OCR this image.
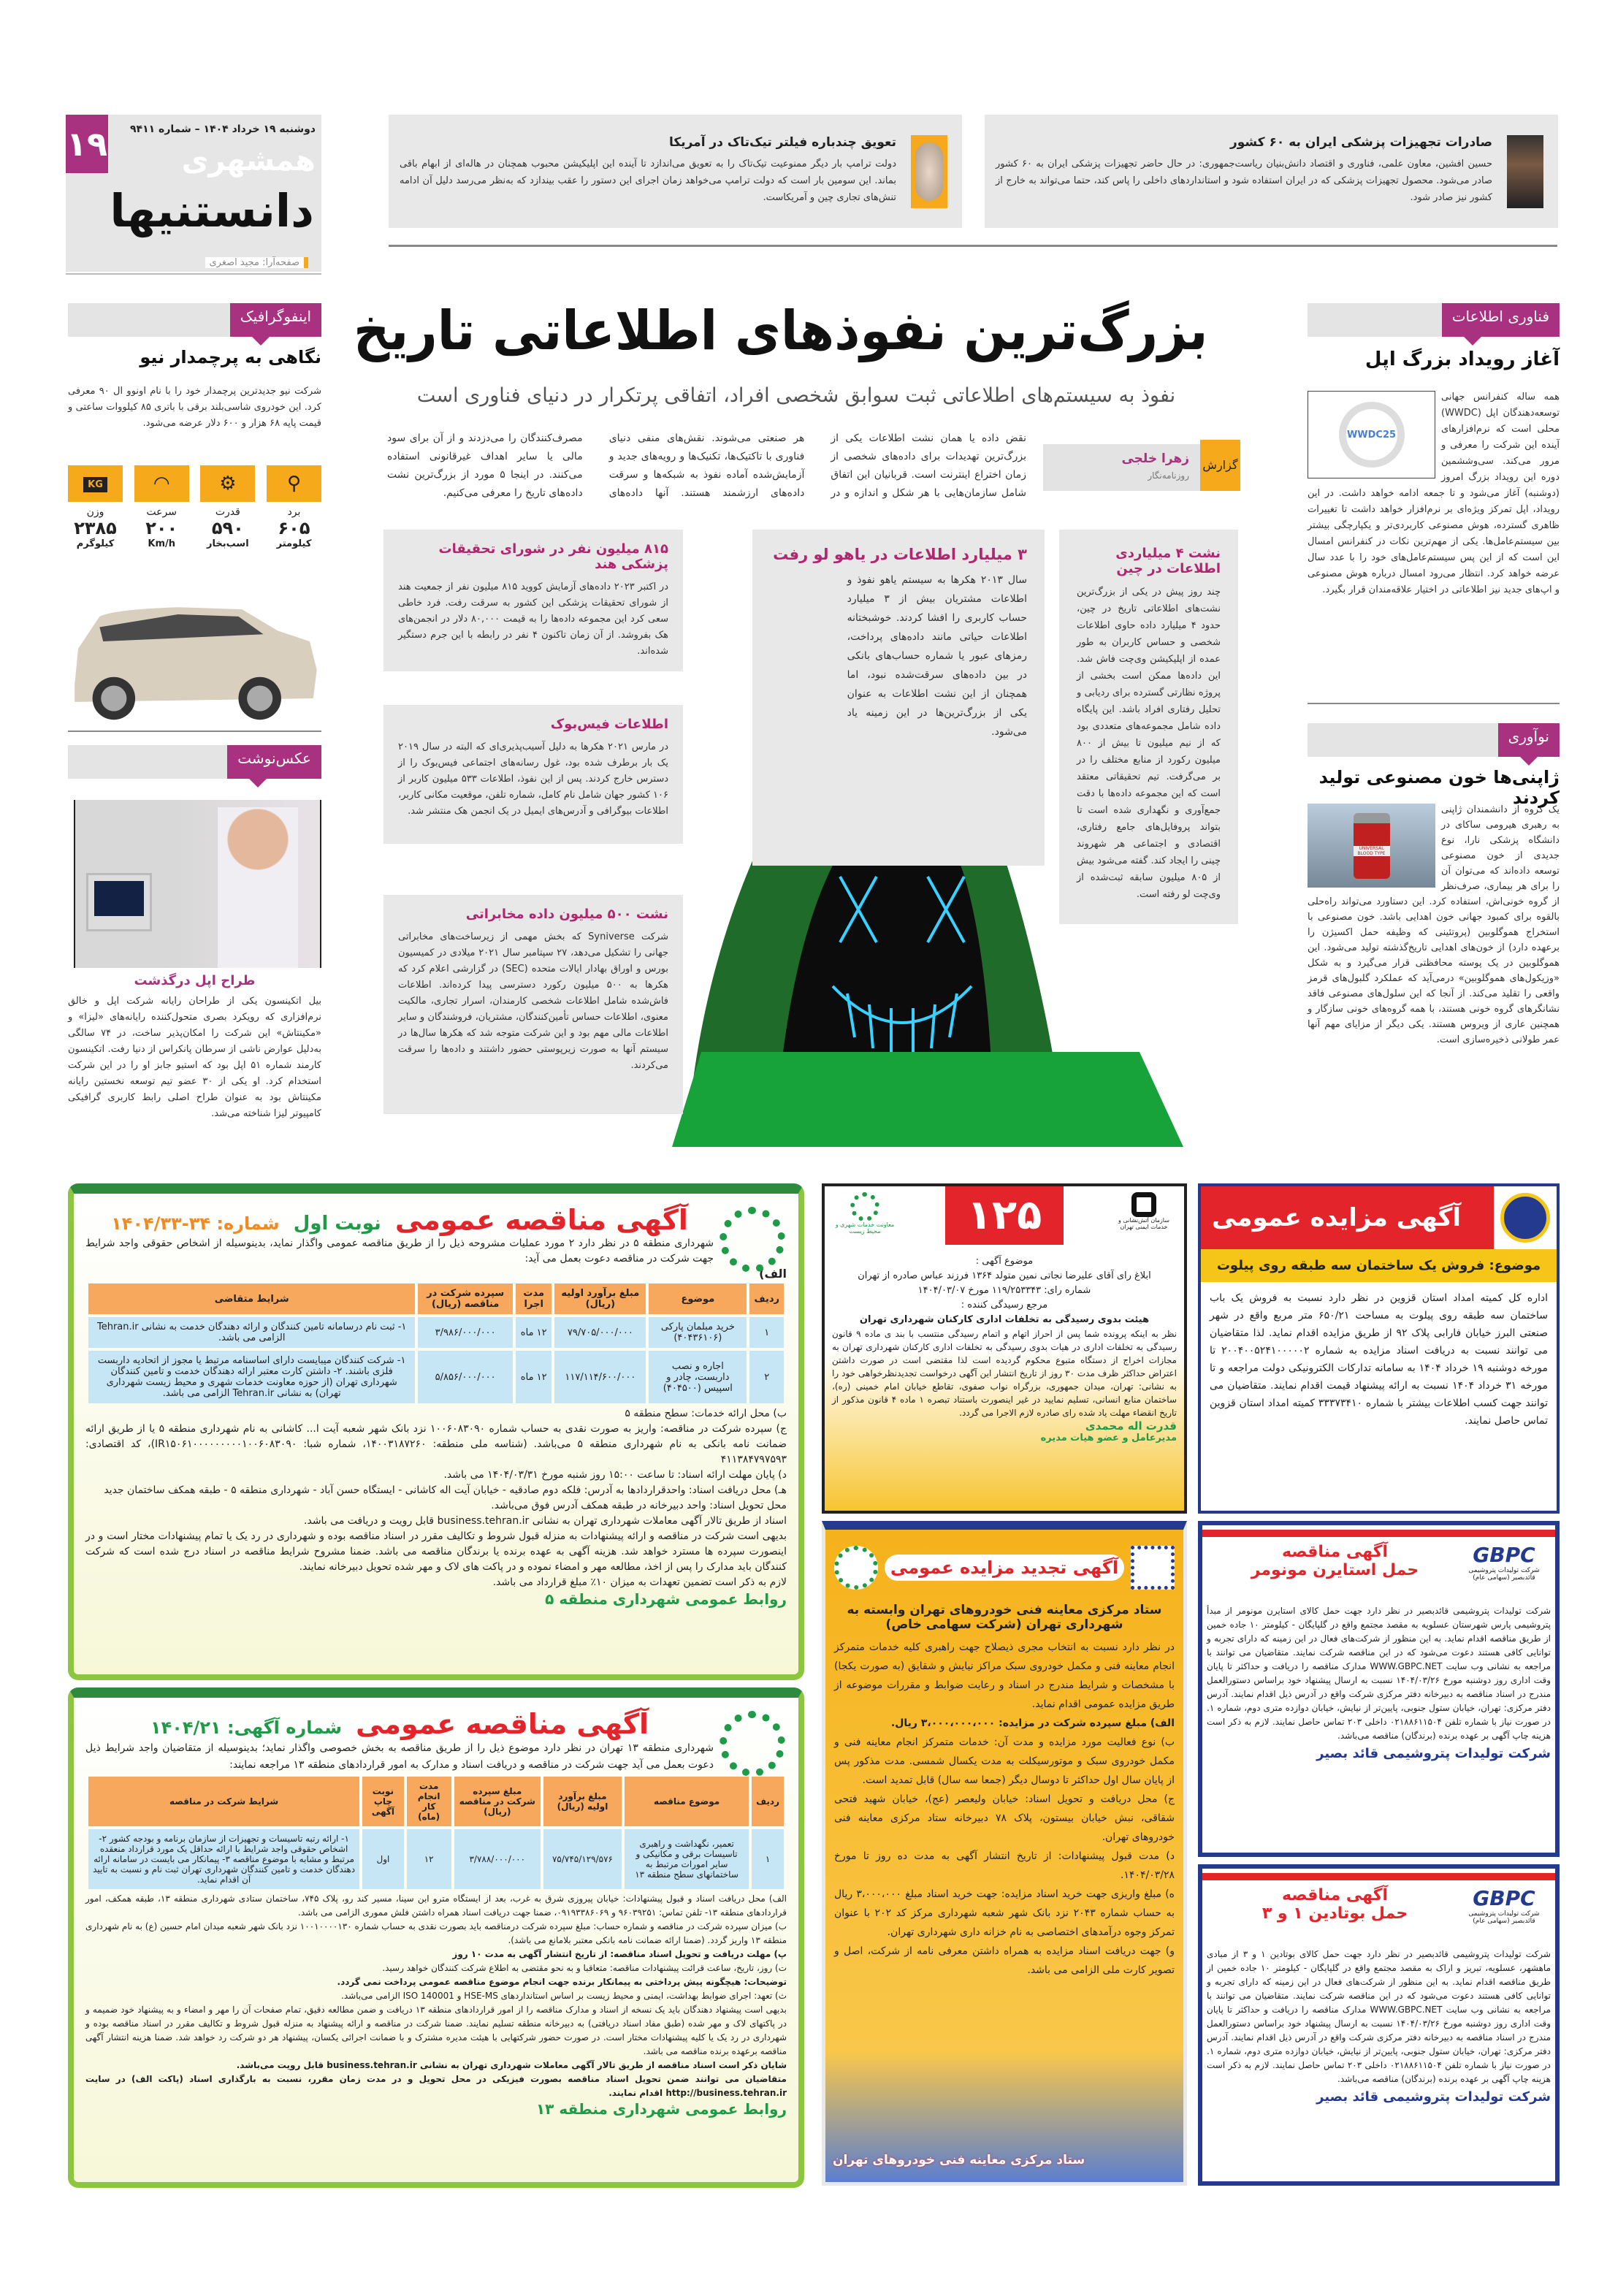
۱۹ دوشنبه ۱۹ خرداد ۱۴۰۴ – شماره ۹۴۱۱
همشهری
دانستنیها
صفحه‌آرا: مجید اصغری
صادرات تجهیزات پزشکی ایران به ۶۰ کشور
حسین افشین، معاون علمی، فناوری و اقتصاد دانش‌بنیان ریاست‌جمهوری: در حال حاضر تجهیزات پزشکی ایران به ۶۰ کشور صادر می‌شود. محصول تجهیزات پزشکی که در ایران استفاده شود و استانداردهای داخلی را پاس کند، حتما می‌تواند به خارج از کشور نیز صادر شود.
تعویق چندباره فیلتر تیک‌تاک در آمریکا
دولت ترامپ بار دیگر ممنوعیت تیک‌تاک را به تعویق می‌اندازد تا آینده این اپلیکیشن محبوب همچنان در هاله‌ای از ابهام باقی بماند. این سومین بار است که دولت ترامپ می‌خواهد زمان اجرای این دستور را عقب بیندازد که به‌نظر می‌رسد دلیل آن ادامه تنش‌های تجاری چین و آمریکاست.
بزرگ‌ترین نفوذهای اطلاعاتی تاریخ
نفوذ به سیستم‌های اطلاعاتی ثبت سوابق شخصی افراد، اتفاقی پرتکرار در دنیای فناوری است
گزارش
زهرا خلجی
روزنامه‌نگار
نقض داده یا همان نشت اطلاعات یکی از بزرگ‌ترین تهدیدات برای داده‌های شخصی از زمان اختراع اینترنت است. قربانیان این اتفاق شامل سازمان‌هایی با هر شکل و اندازه و در هر صنعتی می‌شوند. نقش‌های منفی دنیای فناوری با تاکتیک‌ها، تکنیک‌ها و رویه‌های جدید و آزمایش‌شده آماده نفوذ به شبکه‌ها و سرقت داده‌های ارزشمند هستند. آنها داده‌های مصرف‌کنندگان را می‌دزدند و از آن برای سود مالی یا سایر اهداف غیرقانونی استفاده می‌کنند. در اینجا ۵ مورد از بزرگ‌ترین نشت داده‌های تاریخ را معرفی می‌کنیم.
نشت ۴ میلیاردی اطلاعات در چین

چند روز پیش در یکی از بزرگ‌ترین نشت‌های اطلاعاتی تاریخ در چین، حدود ۴ میلیارد داده حاوی اطلاعات شخصی و حساس کاربران به طور عمده از اپلیکیشن وی‌چت فاش شد. این داده‌ها ممکن است بخشی از پروژه نظارتی گسترده برای ردیابی و تحلیل رفتاری افراد باشد. این پایگاه داده شامل مجموعه‌های متعددی بود که از نیم میلیون تا بیش از ۸۰۰ میلیون رکورد از منابع مختلف را در بر می‌گرفت. تیم تحقیقاتی معتقد است که این مجموعه داده‌ها با دقت جمع‌آوری و نگهداری شده است تا بتواند پروفایل‌های جامع رفتاری، اقتصادی و اجتماعی هر شهروند چینی را ایجاد کند. گفته می‌شود بیش از ۸۰۵ میلیون سابقه ثبت‌شده از وی‌چت لو رفته است.

۳ میلیارد اطلاعات در یاهو لو رفت

سال ۲۰۱۳ هکرها به سیستم یاهو نفوذ و اطلاعات مشتریان بیش از ۳ میلیارد حساب کاربری را افشا کردند. خوشبختانه اطلاعات حیاتی مانند داده‌های پرداخت، رمزهای عبور یا شماره حساب‌های بانکی در بین داده‌های سرقت‌شده نبود، اما همچنان از این نشت اطلاعات به عنوان یکی از بزرگ‌ترین‌ها در این زمینه یاد می‌شود.

۸۱۵ میلیون نفر در شورای تحقیقات پزشکی هند

در اکتبر ۲۰۲۳ داده‌های آزمایش کووید ۸۱۵ میلیون نفر از جمعیت هند از شورای تحقیقات پزشکی این کشور به سرقت رفت. فرد خاطی سعی کرد این مجموعه داده‌ها را به قیمت ۸۰,۰۰۰ دلار در انجمن‌های هک بفروشد. از آن زمان تاکنون ۴ نفر در رابطه با این جرم دستگیر شده‌اند.

اطلاعات فیس‌بوک

در مارس ۲۰۲۱ هکرها به دلیل آسیب‌پذیری‌ای که البته در سال ۲۰۱۹ یک بار برطرف شده بود، غول رسانه‌های اجتماعی فیس‌بوک را از دسترس خارج کردند. پس از این نفوذ، اطلاعات ۵۳۳ میلیون کاربر از ۱۰۶ کشور جهان شامل نام کامل، شماره تلفن، موقعیت مکانی کاربر، اطلاعات بیوگرافی و آدرس‌های ایمیل در یک انجمن هک منتشر شد.

نشت ۵۰۰ میلیون داده مخابراتی

شرکت Syniverse که بخش مهمی از زیرساخت‌های مخابراتی جهانی را تشکیل می‌دهد، ۲۷ سپتامبر سال ۲۰۲۱ میلادی در کمیسیون بورس و اوراق بهادار ایالات متحده (SEC) در گزارشی اعلام کرد که هکرها به ۵۰۰ میلیون رکورد دسترسی پیدا کرده‌اند. اطلاعات فاش‌شده شامل اطلاعات شخصی کارمندان، اسرار تجاری، مالکیت معنوی، اطلاعات حساس تأمین‌کنندگان، مشتریان، فروشندگان و سایر اطلاعات مالی مهم بود و این شرکت متوجه شد که هکرها سال‌ها در سیستم آنها به صورت زیرپوستی حضور داشتند و داده‌ها را سرقت می‌کردند.

فناوری اطلاعات
آغاز رویداد بزرگ اپل
WWDC25

همه ساله کنفرانس جهانی توسعه‌دهندگان اپل (WWDC) محلی است که نرم‌افزارهای آینده این شرکت را معرفی و مرور می‌کند. سی‌وششمین دوره این رویداد بزرگ امروز (دوشنبه) آغاز می‌شود و تا جمعه ادامه خواهد داشت. در این رویداد، اپل تمرکز ویژه‌ای بر نرم‌افزار خواهد داشت تا تغییرات ظاهری گسترده، هوش مصنوعی کاربردی‌تر و یکپارچگی بیشتر بین سیستم‌عامل‌ها. یکی از مهم‌ترین نکات در کنفرانس امسال این است که از این پس سیستم‌عامل‌های خود را با عدد سال عرضه خواهد کرد. انتظار می‌رود امسال درباره هوش مصنوعی و اپ‌های جدید نیز اطلاعاتی در اختیار علاقه‌مندان قرار بگیرد.

نوآوری
ژاپنی‌ها خون مصنوعی تولید کردند
UNIVERSAL BLOOD TYPE

یک گروه از دانشمندان ژاپنی به رهبری هیرومی ساکای در دانشگاه پزشکی نارا، نوع جدیدی از خون مصنوعی توسعه داده‌اند که می‌توان آن را برای هر بیماری، صرف‌نظر از گروه خونی‌اش، استفاده کرد. این دستاورد می‌تواند راه‌حلی بالقوه برای کمبود جهانی خون اهدایی باشد. خون مصنوعی با استخراج هموگلوبین (پروتئینی که وظیفه حمل اکسیژن را برعهده دارد) از خون‌های اهدایی تاریخ‌گذشته تولید می‌شود. این هموگلوبین در یک پوسته محافظتی قرار می‌گیرد و به شکل «وزیکول‌های هموگلوبین» درمی‌آید که عملکرد گلبول‌های قرمز واقعی را تقلید می‌کند. از آنجا که این سلول‌های مصنوعی فاقد نشانگرهای گروه خونی هستند، با همه گروه‌های خونی سازگار و همچنین عاری از ویروس هستند. یکی دیگر از مزایای مهم آنها عمر طولانی ذخیره‌سازی است.

اینفوگرافیک
نگاهی به پرچمدار نیو

شرکت نیو جدیدترین پرچمدار خود را با نام اونوو ال ۹۰ معرفی کرد. این خودروی شاسی‌بلند برقی با باتری ۸۵ کیلووات ساعتی و قیمت پایه ۶۸ هزار و ۶۰۰ دلار عرضه می‌شود.

⚲
برد
۶۰۵
کیلومتر
⚙
قدرت
۵۹۰
اسب‌بخار
◠
سرعت
۲۰۰
Km/h
KG
وزن
۲۳۸۵
کیلوگرم
عکس‌نوشت
طراح اپل درگذشت

بیل اتکینسون یکی از طراحان رایانه شرکت اپل و خالق نرم‌افزاری که رویکرد بصری متحول‌کننده رایانه‌های «لیزا» و «مکینتاش» این شرکت را امکان‌پذیر ساخت، در ۷۴ سالگی به‌دلیل عوارض ناشی از سرطان پانکراس از دنیا رفت. اتکینسون کارمند شماره ۵۱ اپل بود که استیو جابز او را در این شرکت استخدام کرد. او یکی از ۳۰ عضو تیم توسعه نخستین رایانه مکینتاش بود به عنوان طراح اصلی رابط کاربری گرافیکی کامپیوتر لیزا شناخته می‌شد.

آگهی مناقصه عمومی نوبت اول شماره: ۳۴-۱۴۰۴/۳۳

شهرداری منطقه ۵ در نظر دارد ۲ مورد عملیات مشروحه ذیل را از طریق مناقصه عمومی واگذار نماید، بدینوسیله از اشخاص حقوقی واجد شرایط جهت شرکت در مناقصه دعوت بعمل می آید:

الف)
ردیف	موضوع	مبلغ برآورد اولیه (ریال)	مدت اجرا	سپرده شرکت در مناقصه (ریال)	شرایط متقاضی
۱	خرید مبلمان پارکی (۴۰۴۳۶۱۰۶)	۷۹/۷۰۵/۰۰۰/۰۰۰	۱۲ ماه	۳/۹۸۶/۰۰۰/۰۰۰	۱- ثبت نام درسامانه تامین کنندگان و ارائه دهندگان خدمت به نشانی Tehran.ir الزامی می باشد.
۲	اجاره و نصب داربست، چادر و اسپیس (۴۰۴۵۰۰)	۱۱۷/۱۱۴/۶۰۰/۰۰۰	۱۲ ماه	۵/۸۵۶/۰۰۰/۰۰۰	۱- شرکت کنندگان میبایست دارای اساسنامه مرتبط یا مجوز از اتحادیه داربست فلزی باشند. ۲- داشتن کارت معتبر ارائه دهندگان خدمت و تامین کنندگان شهرداری تهران (از حوزه معاونت خدمات شهری و محیط زیست شهرداری تهران) به نشانی Tehran.ir الزامی می باشد.

ب) محل ارائه خدمات: سطح منطقه ۵

ج) سپرده شرکت در مناقصه: واریز به صورت نقدی به حساب شماره ۱۰۰۶۰۸۳۰۹۰ نزد بانک شهر شعبه آیت ا... کاشانی به نام شهرداری منطقه ۵ یا از طریق ارائه ضمانت نامه بانکی به نام شهرداری منطقه ۵ می‌باشد. (شناسه ملی منطقه: ۱۴۰۰۳۱۸۷۲۶۰، شماره شبا: IR۱۵۰۶۱۰۰۰۰۰۰۰۰۰۱۰۰۶۰۸۳۰۹۰)، کد اقتصادی: ۴۱۱۳۸۴۷۹۷۵۹۳

د) پایان مهلت ارائه اسناد: تا ساعت ۱۵:۰۰ روز شنبه مورخ ۱۴۰۴/۰۳/۳۱ می باشد.

هـ) محل دریافت اسناد: واحدقراردادها به آدرس: فلکه دوم صادقیه - خیابان آیت اله کاشانی - ایستگاه حسن آباد - شهرداری منطقه ۵ - طبقه همکف ساختمان جدید

محل تحویل اسناد: واحد دبیرخانه در طبقه همکف آدرس فوق می‌باشد.

اسناد از طریق تالار آگهی معاملات شهرداری تهران به نشانی business.tehran.ir قابل رویت و دریافت می باشد.

بدیهی است شرکت در مناقصه و ارائه پیشنهادات به منزله قبول شروط و تکالیف مقرر در اسناد مناقصه بوده و شهرداری در رد یک یا تمام پیشنهادات مختار است و در اینصورت سپرده ها مسترد خواهد شد. هزینه آگهی به عهده برنده یا برندگان مناقصه می باشد. ضمنا مشروح شرایط مناقصه در اسناد درج شده است که شرکت کنندگان باید مدارک را پس از اخذ، مطالعه مهر و امضاء نموده و در پاکت های لاک و مهر شده تحویل دبیرخانه نمایند.

لازم به ذکر است تضمین تعهدات به میزان ۱۰٪ مبلغ قرارداد می باشد.

روابط عمومی شهرداری منطقه ۵
آگهی مناقصه عمومی شماره آگهی: ۱۴۰۴/۲۱

شهرداری منطقه ۱۳ تهران در نظر دارد موضوع ذیل را از طریق مناقصه به بخش خصوصی واگذار نماید؛ بدینوسیله از متقاضیان واجد شرایط ذیل دعوت بعمل می آید جهت شرکت در مناقصه و دریافت اسناد و مدارک به امور قراردادهای منطقه ۱۳ مراجعه نمایند:

ردیف	موضوع مناقصه	مبلغ برآورد اولیه (ریال)	مبلغ سپرده شرکت در مناقصه (ریال)	مدت انجام کار (ماه)	نوبت چاپ آگهی	شرایط شرکت در مناقصه
۱	تعمیر، نگهداشت و راهبری تاسیسات برقی و مکانیکی و سایر امورات مرتبط به ساختمانهای سطح منطقه ۱۳	۷۵/۷۴۵/۱۲۹/۵۷۶	۳/۷۸۸/۰۰۰/۰۰۰	۱۲	اول	۱- ارائه رتبه تاسیسات و تجهیزات از سازمان برنامه و بودجه کشور ۲- اشخاص حقوقی واجد شرایط با ارائه حداقل یک مورد قرارداد منعقده مرتبط و مشابه با موضوع مناقصه ۳- پیمانکار می بایست در سامانه ارائه دهندگان خدمت و تامین کنندگان شهرداری تهران ثبت نام و نسبت به تایید آن اقدام نماید.

الف) محل دریافت اسناد و قبول پیشنهادات: خیابان پیروزی شرق به غرب، بعد از ایستگاه مترو ابن سینا، مسیر کند رو، پلاک ۷۴۵، ساختمان ستادی شهرداری منطقه ۱۳، طبقه همکف، امور قراردادهای منطقه ۱۳- تلفن تماس: ۹۶۰۳۹۲۵۱ و ۰۹۱۹۳۳۸۶۰۶۹، ضمنا جهت دریافت اسناد همراه داشتن فلش مموری الزامی می باشد.

ب) میزان سپرده شرکت در مناقصه و شماره حساب: مبلغ سپرده شرکت درمناقصه باید بصورت نقدی به حساب شماره ۱۰۰۱۰۰۰۰۱۳۰ نزد بانک شهر شعبه میدان امام حسین (ع) به نام شهرداری منطقه ۱۳ واریز گردد. (ضمنا ارائه ضمانت نامه بانکی معتبر بلامانع می باشد).

پ) مهلت دریافت و تحویل اسناد مناقصه: از تاریخ انتشار آگهی به مدت ۱۰ روز

ت) روز، تاریخ، ساعت قرائت پیشنهادات مناقصه: متعاقبا و به نحو مقتضی به اطلاع شرکت کنندگان خواهد رسید.

توضیحات: هیچگونه پیش پرداختی به پیمانکار برنده جهت انجام موضوع مناقصه عمومی پرداخت نمی گردد.

ث) تعهد: اجرای ضوابط بهداشت، ایمنی و محیط زیست بر اساس استانداردهای HSE-MS و ISO 140001 الزامی می‌باشد.

بدیهی است پیشنهاد دهندگان باید یک نسخه از اسناد و مدارک مناقصه را از امور قراردادهای منطقه ۱۳ دریافت و ضمن مطالعه دقیق، تمام صفحات آن را مهر و امضاء و به پیشنهاد خود ضمیمه و در پاکتهای لاک و مهر شده (طبق مفاد اسناد دریافتی) به دبیرخانه منطقه تسلیم نمایند. ضمنا شرکت در مناقصه و ارائه پیشنهاد به منزله قبول شروط و تکالیف مقرر در اسناد مناقصه بوده و شهرداری در رد یک یا کلیه پیشنهادات مختار است. در صورت حضور شرکتهایی با هیئت مدیره مشترک و با ضمانت اجرائی یکسان، پیشنهاد هر دو شرکت رد خواهد شد. ضمنا هزینه انتشار آگهی مناقصه برعهده برنده مناقصه می باشد.

شایان ذکر است اسناد مناقصه از طریق تالار آگهی معاملات شهرداری تهران به نشانی business.tehran.ir قابل رویت می‌باشد.

متقاضیان می توانند ضمن تحویل اسناد مناقصه بصورت فیزیکی در محل تحویل و در مدت زمان مقرر، نسبت به بارگذاری اسناد (پاکت الف) در سایت http://business.tehran.ir اقدام نمایند.

روابط عمومی شهرداری منطقه ۱۳
معاونت خدمات شهری و محیط زیست	۱۲۵	سازمان آتش‌نشانی و خدمات ایمنی تهران
موضوع آگهی :
ابلاغ رای آقای علیرضا نجاتی نمین متولد ۱۳۶۴ فرزند عباس صادره از تهران
شماره رای: ۱۱۹/۲۵۳۳۴۳ مورخ ۱۴۰۴/۰۳/۰۷
مرجع رسیدگی کننده :
هیئت بدوی رسیدگی به تخلفات اداری کارکنان شهرداری تهران

نظر به اینکه پرونده شما پس از احراز اتهام و اتمام رسیدگی منتسب با بند ی ماده ۹ قانون رسیدگی به تخلفات اداری در هیات بدوی رسیدگی به تخلفات اداری کارکنان شهرداری تهران به مجازات اخراج از دستگاه متبوع محکوم گردیده است لذا مقتضی است در صورت داشتن اعتراض حداکثر ظرف مدت ۳۰ روز از تاریخ انتشار این آگهی درخواست تجدیدنظرخواهی خود را به نشانی: تهران، میدان جمهوری، بزرگراه نواب صفوی، تقاطع خیابان امام خمینی (ره)، ساختمان منابع انسانی، تسلیم نمایید در غیر اینصورت باستناد تبصره ۱ ماده ۴ قانون مذکور از تاریخ انقضاء مهلت یاد شده رای صادره لازم الاجرا می گردد.

قدرت اله محمدی
مدیرعامل و عضو هیات مدیره
آگهی مزایده عمومی
موضوع: فروش یک ساختمان سه طبقه روی پیلوت

اداره کل کمیته امداد استان قزوین در نظر دارد نسبت به فروش یک باب ساختمان سه طبقه روی پیلوت به مساحت ۶۵۰/۲۱ متر مربع واقع در شهر صنعتی البرز خیابان فارابی پلاک ۹۲ از طریق مزایده اقدام نماید. لذا متقاضیان می توانند نسبت به دریافت اسناد مزایده به شماره ۲۰۰۴۰۰۵۲۴۱۰۰۰۰۰۲ تا مورخه دوشنبه ۱۹ خرداد ۱۴۰۴ به سامانه تدارکات الکترونیکی دولت مراجعه و تا مورخه ۳۱ خرداد ۱۴۰۴ نسبت به ارائه پیشنهاد قیمت اقدام نمایند. متقاضیان می توانند جهت کسب اطلاعات بیشتر با شماره ۳۳۳۷۳۴۱۰ کمیته امداد استان قزوین تماس حاصل نمایند.

آگهی تجدید مزایده عمومی
ستاد مرکزی معاینه فنی خودروهای تهران وابسته به شهرداری تهران (شرکت سهامی خاص)

در نظر دارد نسبت به انتخاب مجری ذیصلاح جهت راهبری کلیه خدمات متمرکز انجام معاینه فنی و مکمل خودروی سبک مراکز نیایش و شقایق (به صورت یکجا) با مشخصات و شرایط مندرج در اسناد و رعایت ضوابط و مقررات موضوعه از طریق مزایده عمومی اقدام نماید.

الف) مبلغ سپرده شرکت در مزایده: ۳،۰۰۰،۰۰۰،۰۰۰ ریال.

ب) نوع فعالیت مورد مزایده و مدت آن: خدمات متمرکز انجام معاینه فنی و مکمل خودروی سبک و موتورسیکلت به مدت یکسال شمسی. مدت مذکور پس از پایان سال اول حداکثر تا دوسال دیگر (جمعا سه سال) قابل تمدید است.

ج) محل دریافت و تحویل اسناد: خیابان ولیعصر (عج)، خیابان شهید فتحی شقاقی، نبش خیابان بیستون، پلاک ۷۸ دبیرخانه ستاد مرکزی معاینه فنی خودروهای تهران.

د) مدت قبول پیشنهادات: از تاریخ انتشار آگهی به مدت ده روز تا مورخ ۱۴۰۴/۰۳/۲۸.

ه) مبلغ واریزی جهت خرید اسناد مزایده: جهت خرید اسناد مبلغ ۳،۰۰۰،۰۰۰ ریال به حساب شماره ۲۰۴۳ نزد بانک شهر شعبه شهرداری مرکز کد ۲۰۲ با عنوان تمرکز وجوه درآمدهای اختصاصی به نام خزانه داری شهرداری تهران.

و) جهت دریافت اسناد مزایده به همراه داشتن معرفی نامه از شرکت، اصل و تصویر کارت ملی الزامی می باشد.

ستاد مرکزی معاینه فنی خودروهای تهران
GBPC
شرکت تولیدات پتروشیمی قائدبصیر (سهامی عام)
آگهی مناقصه
حمل استایرن مونومر

شرکت تولیدات پتروشیمی قائدبصیر در نظر دارد جهت حمل کالای استایرن مونومر از مبدأ پتروشیمی پارس شهرستان عسلویه به مقصد مجتمع واقع در گلپایگان - کیلومتر ۱۰ جاده خمین از طریق مناقصه اقدام نماید. به این منظور از شرکت‌های فعال در این زمینه که دارای تجربه و توانایی کافی هستند دعوت می‌شود که در این مناقصه شرکت نمایند. متقاضیان می توانند با مراجعه به نشانی وب سایت WWW.GBPC.NET مدارک مناقصه را دریافت و حداکثر تا پایان وقت اداری روز دوشنبه مورخ ۱۴۰۴/۰۳/۲۶ نسبت به ارسال پیشنهاد خود براساس دستورالعمل مندرج در اسناد مناقصه به دبیرخانه دفتر مرکزی شرکت واقع در آدرس ذیل اقدام نمایند. آدرس دفتر مرکزی: تهران، خیابان ستول جنوبی، پایین‌تر از نیایش، خیابان دوازده متری دوم، شماره ۱. در صورت نیاز با شماره تلفن ۰۲۱۸۸۶۱۱۵۰۴ داخلی ۲۰۳ تماس حاصل نمایند. لازم به ذکر است هزینه چاپ آگهی بر عهده برنده (برندگان) مناقصه می‌باشد.

شرکت تولیدات پتروشیمی قائد بصیر
GBPC
شرکت تولیدات پتروشیمی قائدبصیر (سهامی عام)
آگهی مناقصه
حمل بوتادین ۱ و ۳

شرکت تولیدات پتروشیمی قائدبصیر در نظر دارد جهت حمل کالای بوتادین ۱ و ۳ از مبادی ماهشهر، عسلویه، تبریز و اراک به مقصد مجتمع واقع در گلپایگان - کیلومتر ۱۰ جاده خمین از طریق مناقصه اقدام نماید. به این منظور از شرکت‌های فعال در این زمینه که دارای تجربه و توانایی کافی هستند دعوت می‌شود که در این مناقصه شرکت نمایند. متقاضیان می توانند با مراجعه به نشانی وب سایت WWW.GBPC.NET مدارک مناقصه را دریافت و حداکثر تا پایان وقت اداری روز دوشنبه مورخ ۱۴۰۴/۰۳/۲۶ نسبت به ارسال پیشنهاد خود براساس دستورالعمل مندرج در اسناد مناقصه به دبیرخانه دفتر مرکزی شرکت واقع در آدرس ذیل اقدام نمایند. آدرس دفتر مرکزی: تهران، خیابان ستول جنوبی، پایین‌تر از نیایش، خیابان دوازده متری دوم، شماره ۱. در صورت نیاز با شماره تلفن ۰۲۱۸۸۶۱۱۵۰۴ داخلی ۲۰۳ تماس حاصل نمایند. لازم به ذکر است هزینه چاپ آگهی بر عهده برنده (برندگان) مناقصه می‌باشد.

شرکت تولیدات پتروشیمی قائد بصیر
